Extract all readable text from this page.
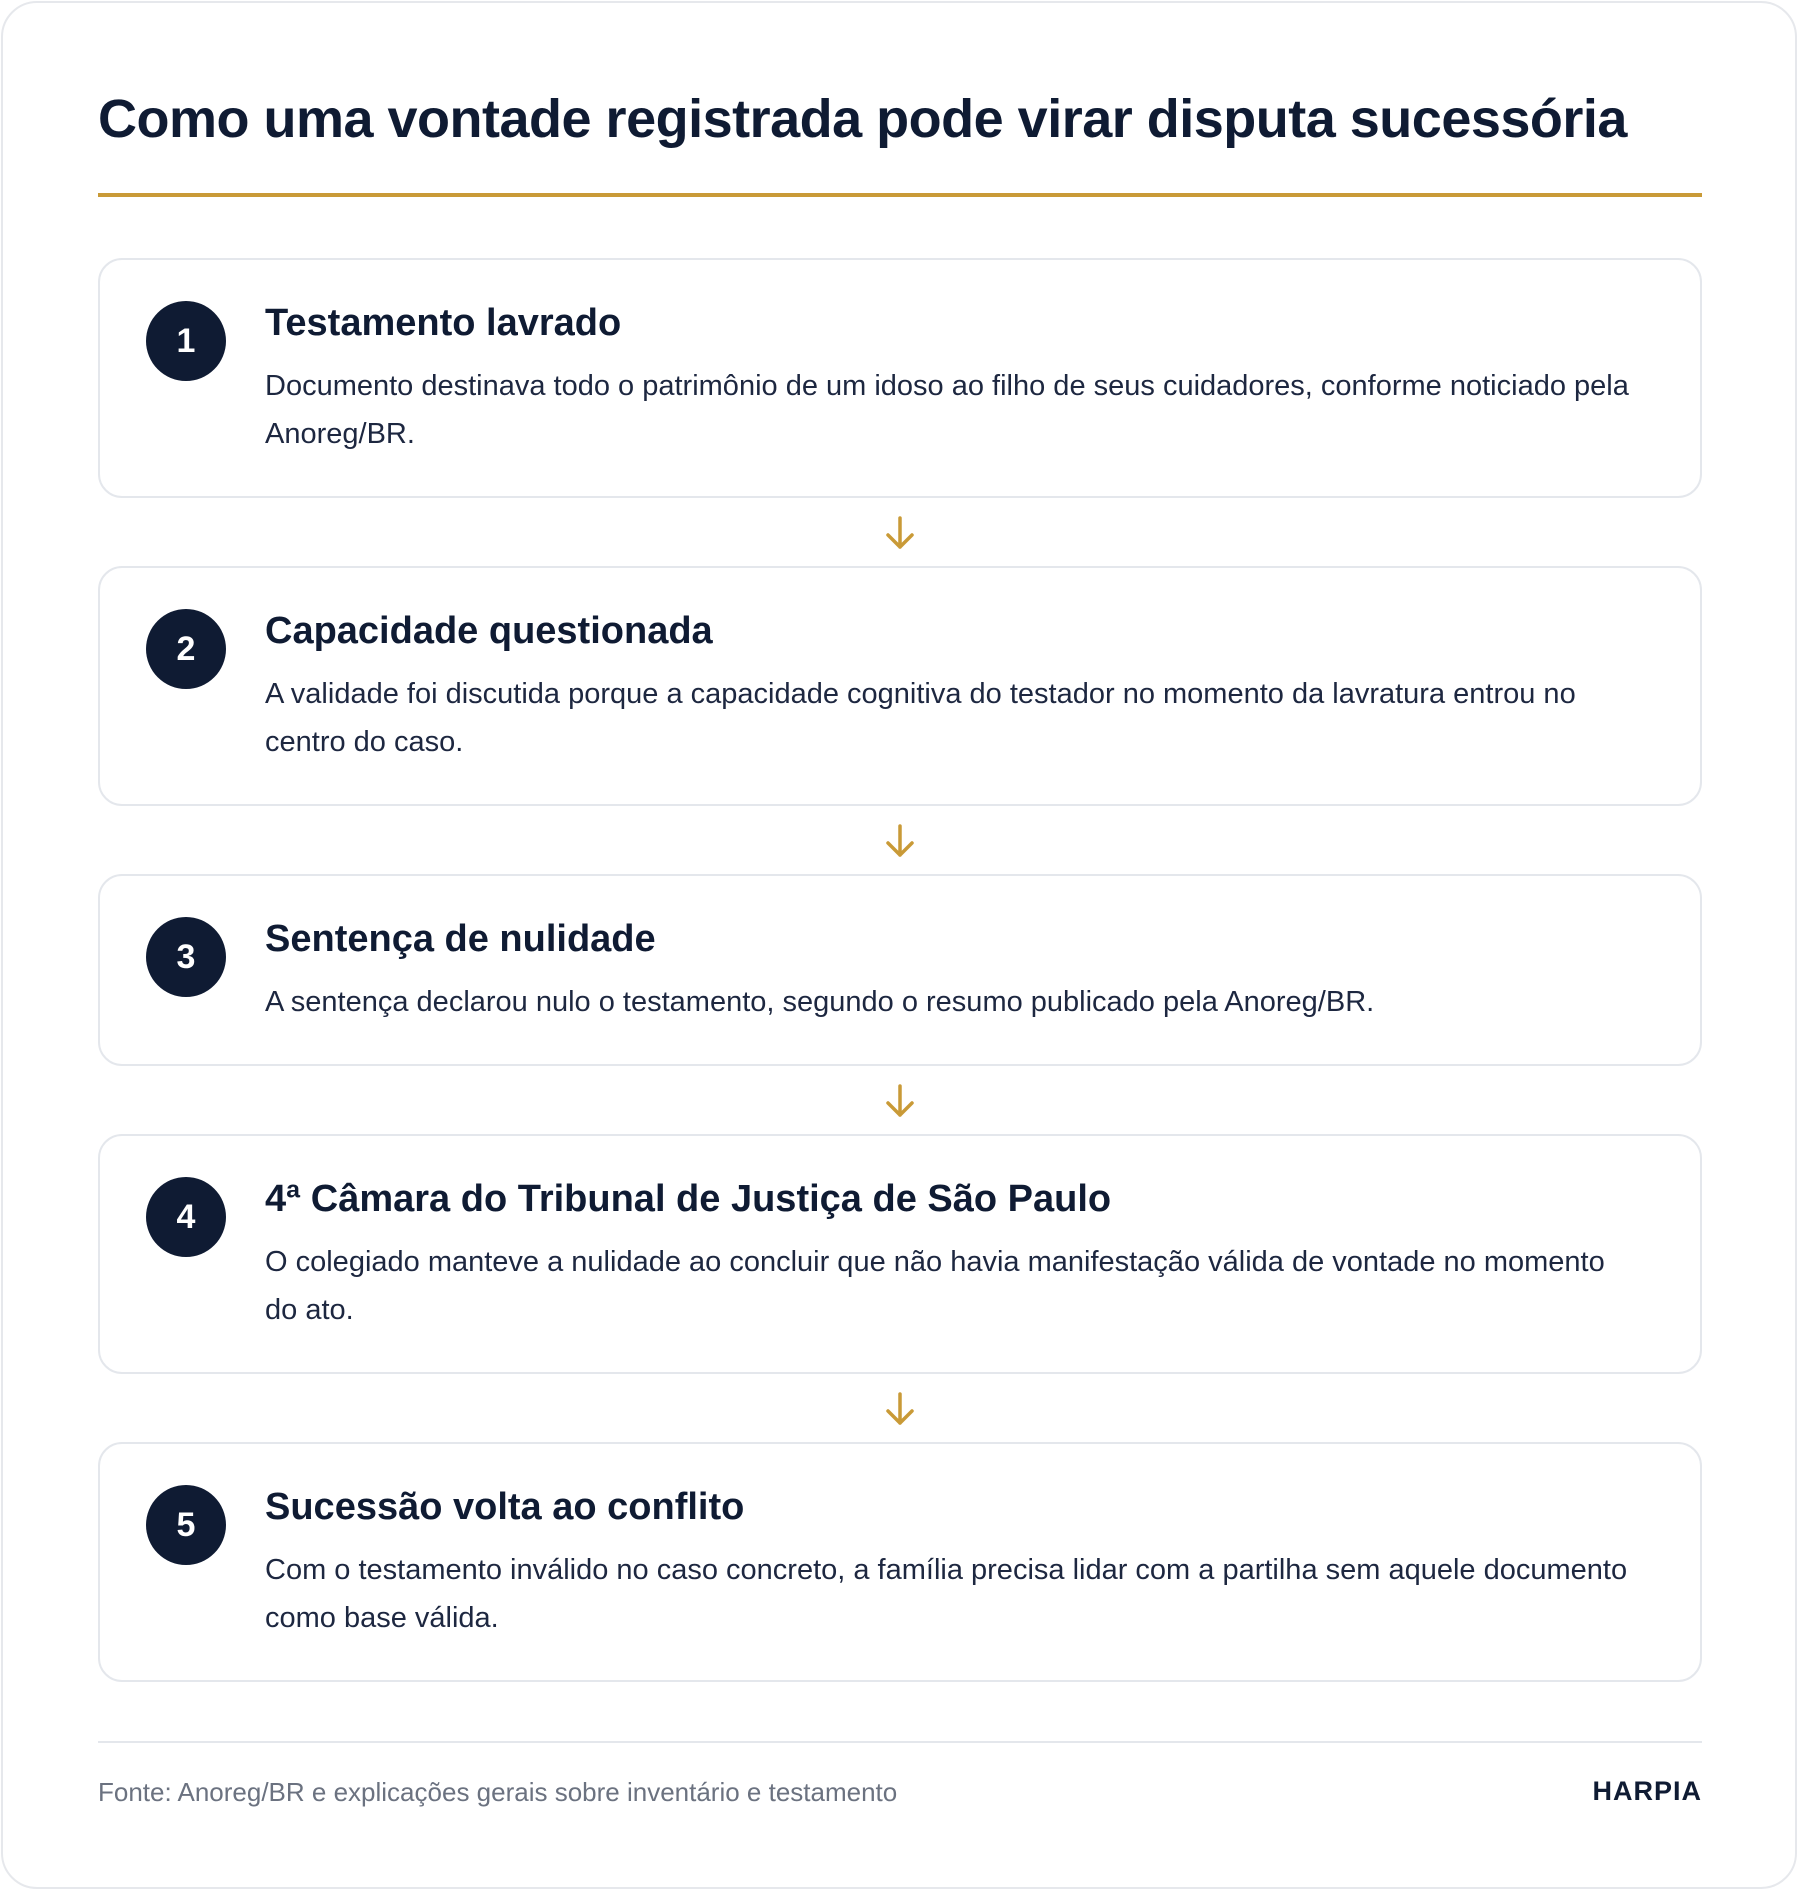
Como uma vontade registrada pode virar disputa sucessória
1	Testamento lavrado

Documento destinava todo o patrimônio de um idoso ao filho de seus cuidadores, conforme noticiado pela Anoreg/BR.

2	Capacidade questionada

A validade foi discutida porque a capacidade cognitiva do testador no momento da lavratura entrou no centro do caso.

3	Sentença de nulidade

A sentença declarou nulo o testamento, segundo o resumo publicado pela Anoreg/BR.

4	4ª Câmara do Tribunal de Justiça de São Paulo

O colegiado manteve a nulidade ao concluir que não havia manifestação válida de vontade no momento do ato.

5	Sucessão volta ao conflito

Com o testamento inválido no caso concreto, a família precisa lidar com a partilha sem aquele documento como base válida.

Fonte: Anoreg/BR e explicações gerais sobre inventário e testamento	HARPIA
